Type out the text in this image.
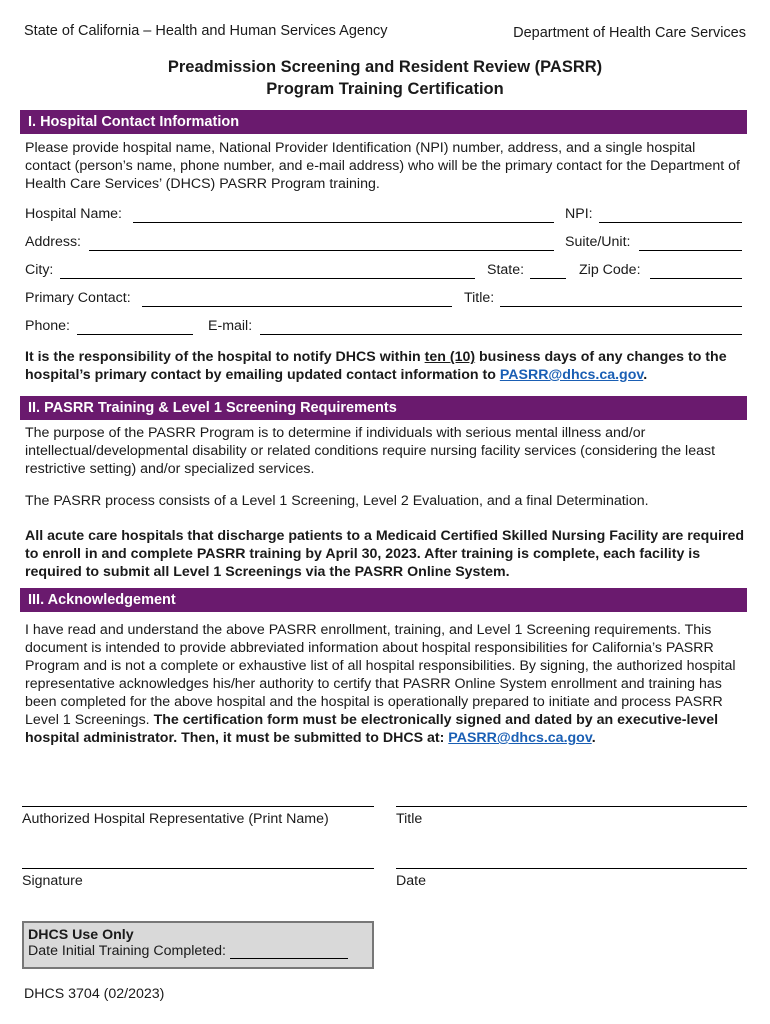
State of California – Health and Human Services Agency	Department of Health Care Services
Preadmission Screening and Resident Review (PASRR)
Program Training Certification
I. Hospital Contact Information
Please provide hospital name, National Provider Identification (NPI) number, address, and a single hospital contact (person’s name, phone number, and e-mail address) who will be the primary contact for the Department of Health Care Services’ (DHCS) PASRR Program training.
Hospital Name:	NPI:
Address:	Suite/Unit:
City:	State:	Zip Code:
Primary Contact:	Title:
Phone:	E-mail:
It is the responsibility of the hospital to notify DHCS within ten (10) business days of any changes to the hospital’s primary contact by emailing updated contact information to PASRR@dhcs.ca.gov.
II. PASRR Training & Level 1 Screening Requirements
The purpose of the PASRR Program is to determine if individuals with serious mental illness and/or intellectual/developmental disability or related conditions require nursing facility services (considering the least restrictive setting) and/or specialized services.
The PASRR process consists of a Level 1 Screening, Level 2 Evaluation, and a final Determination.
All acute care hospitals that discharge patients to a Medicaid Certified Skilled Nursing Facility are required to enroll in and complete PASRR training by April 30, 2023. After training is complete, each facility is required to submit all Level 1 Screenings via the PASRR Online System.
III. Acknowledgement
I have read and understand the above PASRR enrollment, training, and Level 1 Screening requirements. This document is intended to provide abbreviated information about hospital responsibilities for California’s PASRR Program and is not a complete or exhaustive list of all hospital responsibilities. By signing, the authorized hospital representative acknowledges his/her authority to certify that PASRR Online System enrollment and training has been completed for the above hospital and the hospital is operationally prepared to initiate and process PASRR Level 1 Screenings. The certification form must be electronically signed and dated by an executive-level hospital administrator. Then, it must be submitted to DHCS at: PASRR@dhcs.ca.gov.
Authorized Hospital Representative (Print Name)	Title
Signature	Date
DHCS Use Only
Date Initial Training Completed:
DHCS 3704 (02/2023)
